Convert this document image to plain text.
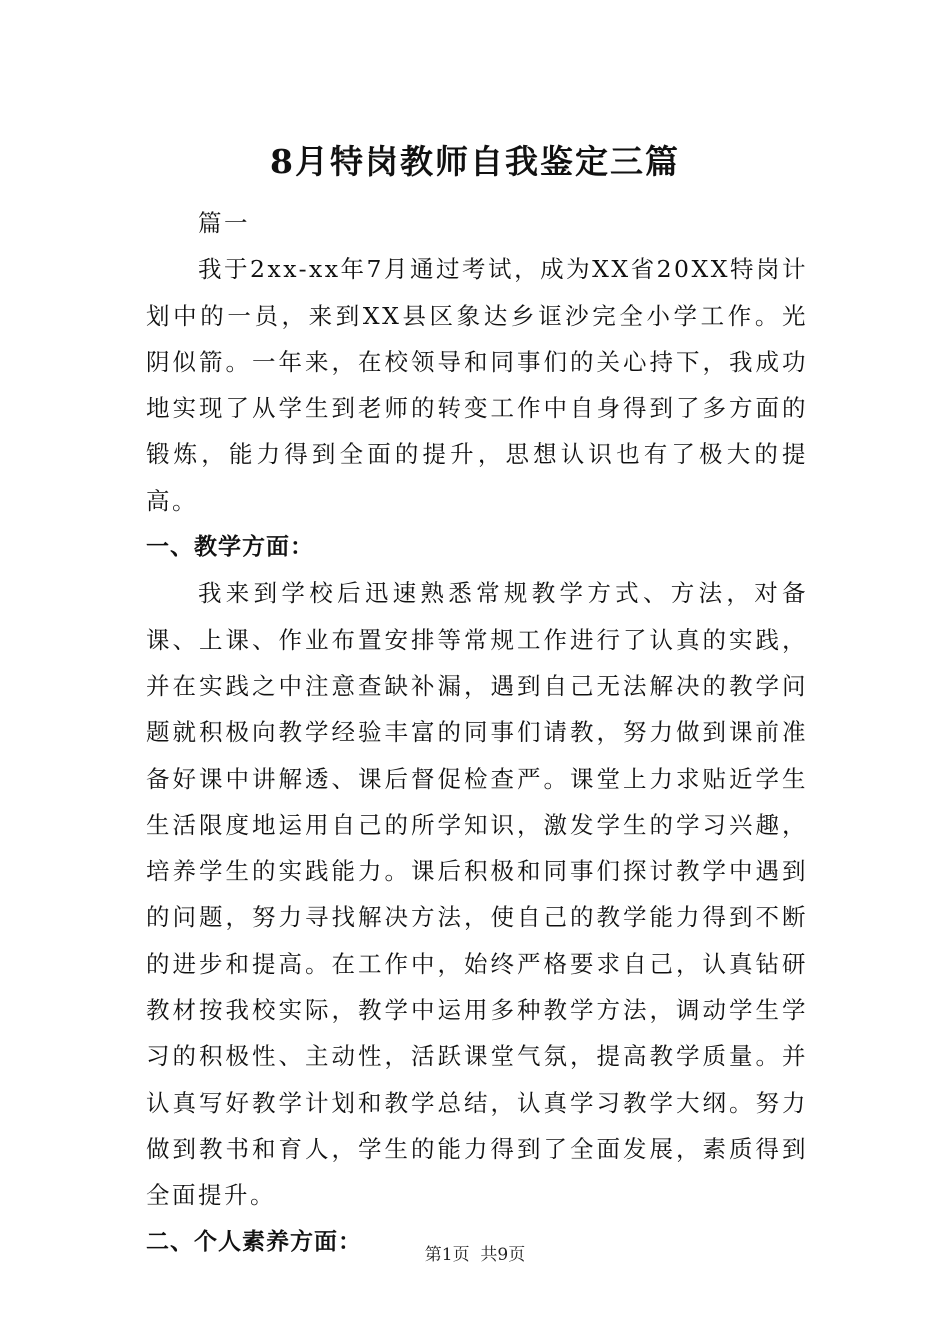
8月特岗教师自我鉴定三篇

篇一

我于2xx-xx年7月通过考试，成为XX省20XX特岗计划中的一员，来到XX县区象达乡诓沙完全小学工作。光阴似箭。一年来，在校领导和同事们的关心持下，我成功地实现了从学生到老师的转变工作中自身得到了多方面的锻炼，能力得到全面的提升，思想认识也有了极大的提高。

一、教学方面：

我来到学校后迅速熟悉常规教学方式、方法，对备课、上课、作业布置安排等常规工作进行了认真的实践，并在实践之中注意查缺补漏，遇到自己无法解决的教学问题就积极向教学经验丰富的同事们请教，努力做到课前准备好课中讲解透、课后督促检查严。课堂上力求贴近学生生活限度地运用自己的所学知识，激发学生的学习兴趣，培养学生的实践能力。课后积极和同事们探讨教学中遇到的问题，努力寻找解决方法，使自己的教学能力得到不断的进步和提高。在工作中，始终严格要求自己，认真钻研教材按我校实际，教学中运用多种教学方法，调动学生学习的积极性、主动性，活跃课堂气氛，提高教学质量。并认真写好教学计划和教学总结，认真学习教学大纲。努力做到教书和育人，学生的能力得到了全面发展，素质得到全面提升。

二、个人素养方面：

第1页  共9页
